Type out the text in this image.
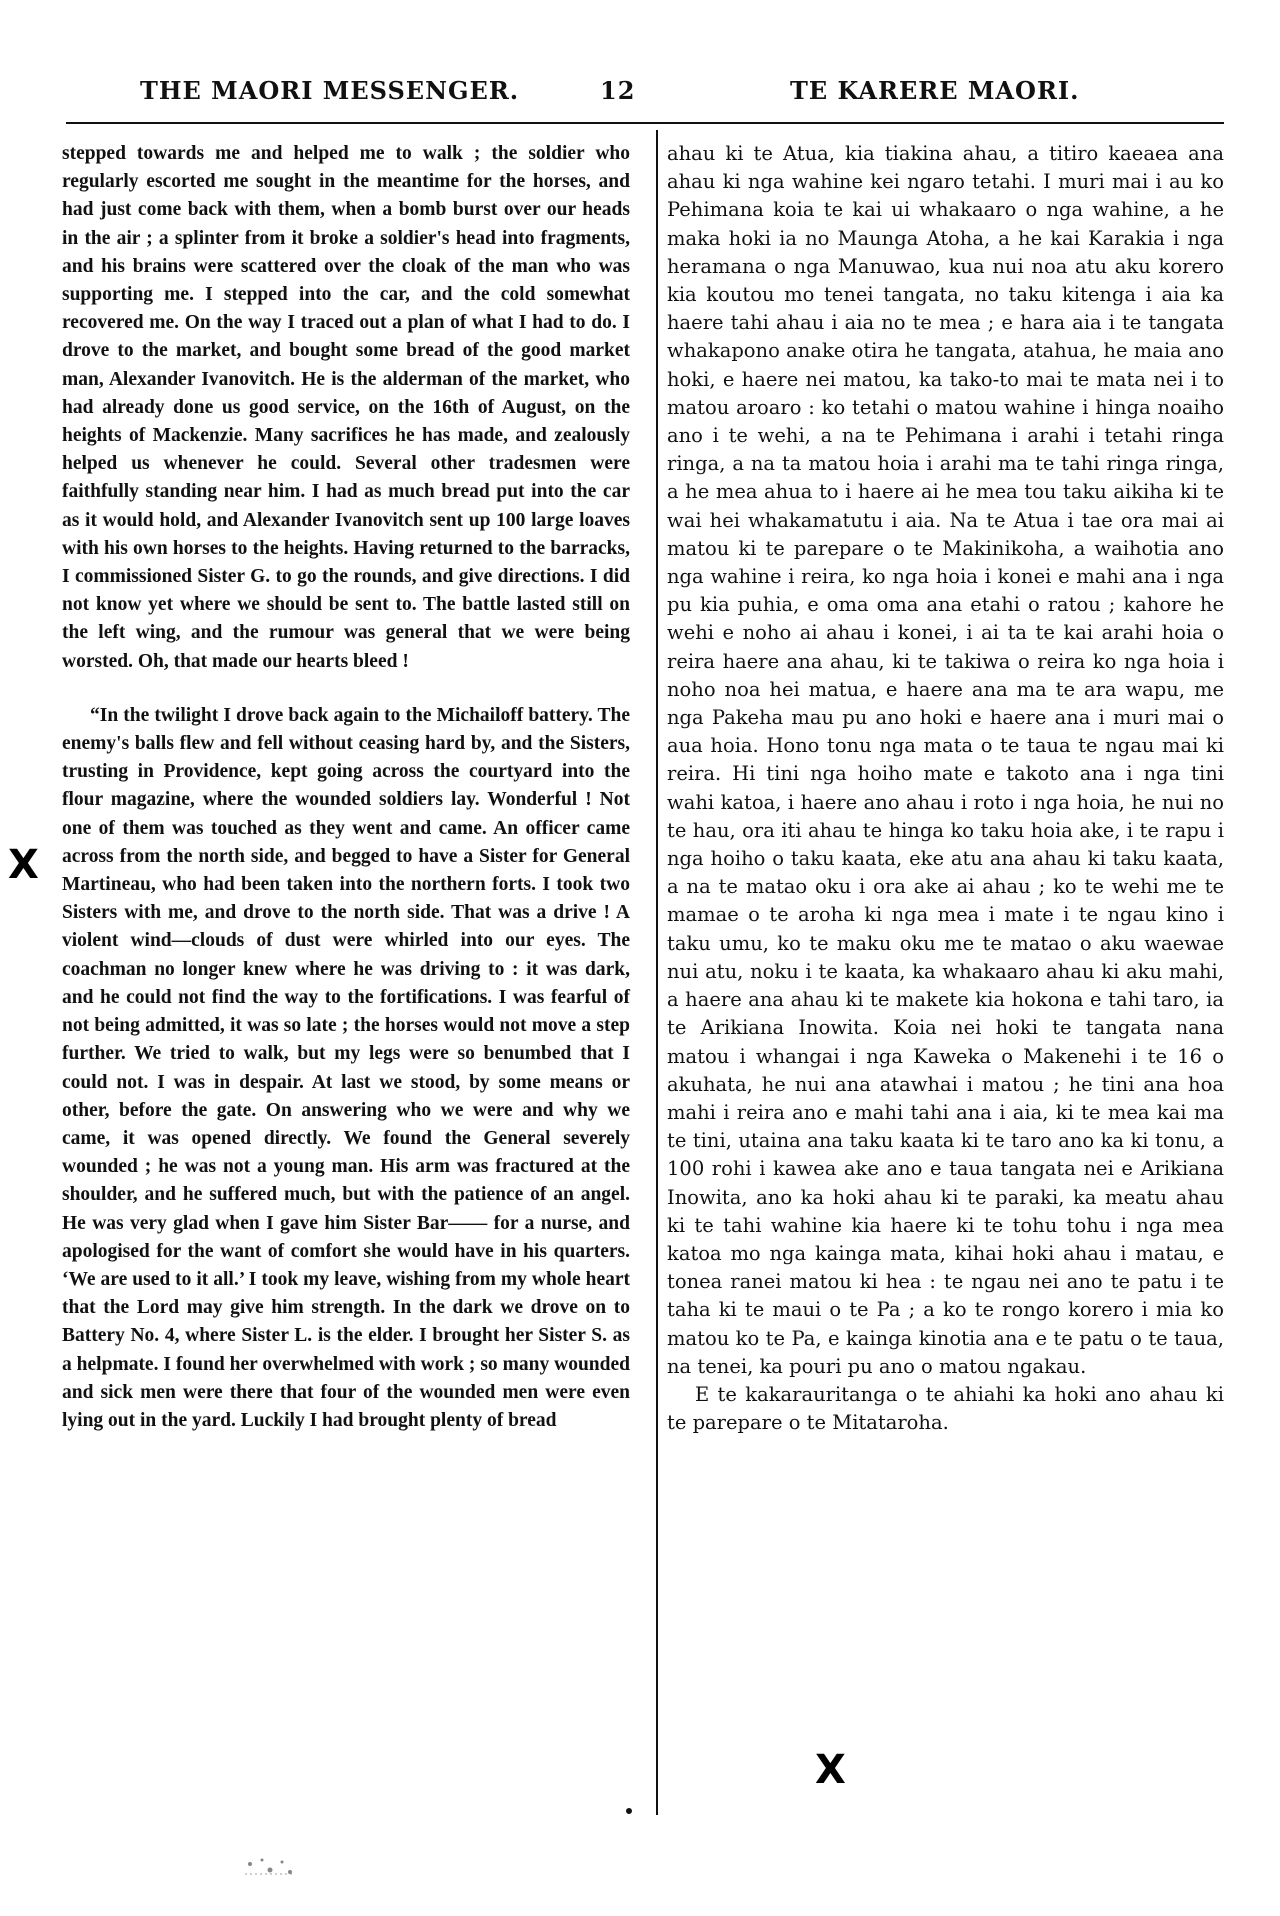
THE MAORI MESSENGER.	12	TE KARERE MAORI.

stepped towards me and helped me to walk ; the soldier who regularly escorted me sought in the meantime for the horses, and had just come back with them, when a bomb burst over our heads in the air ; a splinter from it broke a soldier's head into fragments, and his brains were scattered over the cloak of the man who was supporting me. I stepped into the car, and the cold somewhat recovered me. On the way I traced out a plan of what I had to do. I drove to the market, and bought some bread of the good market man, Alexander Ivanovitch. He is the alderman of the market, who had already done us good service, on the 16th of August, on the heights of Mackenzie. Many sacrifices he has made, and zealously helped us whenever he could. Several other tradesmen were faithfully standing near him. I had as much bread put into the car as it would hold, and Alexander Ivanovitch sent up 100 large loaves with his own horses to the heights. Having returned to the barracks, I commissioned Sister G. to go the rounds, and give directions. I did not know yet where we should be sent to. The battle lasted still on the left wing, and the rumour was general that we were being worsted. Oh, that made our hearts bleed !

“In the twilight I drove back again to the Michailoff battery. The enemy's balls flew and fell without ceasing hard by, and the Sisters, trusting in Providence, kept going across the courtyard into the flour magazine, where the wounded soldiers lay. Wonderful ! Not one of them was touched as they went and came. An officer came across from the north side, and begged to have a Sister for General Martineau, who had been taken into the northern forts. I took two Sisters with me, and drove to the north side. That was a drive ! A violent wind—clouds of dust were whirled into our eyes. The coachman no longer knew where he was driving to : it was dark, and he could not find the way to the fortifications. I was fearful of not being admitted, it was so late ; the horses would not move a step further. We tried to walk, but my legs were so benumbed that I could not. I was in despair. At last we stood, by some means or other, before the gate. On answering who we were and why we came, it was opened directly. We found the General severely wounded ; he was not a young man. His arm was fractured at the shoulder, and he suffered much, but with the patience of an angel. He was very glad when I gave him Sister Bar—— for a nurse, and apologised for the want of comfort she would have in his quarters. ‘We are used to it all.’ I took my leave, wishing from my whole heart that the Lord may give him strength. In the dark we drove on to Battery No. 4, where Sister L. is the elder. I brought her Sister S. as a helpmate. I found her overwhelmed with work ; so many wounded and sick men were there that four of the wounded men were even lying out in the yard. Luckily I had brought plenty of bread

ahau ki te Atua, kia tiakina ahau, a titiro kaeaea ana ahau ki nga wahine kei ngaro tetahi. I muri mai i au ko Pehimana koia te kai ui whakaaro o nga wahine, a he maka hoki ia no Maunga Atoha, a he kai Karakia i nga heramana o nga Manuwao, kua nui noa atu aku korero kia koutou mo tenei tangata, no taku kitenga i aia ka haere tahi ahau i aia no te mea ; e hara aia i te tangata whakapono anake otira he tangata, atahua, he maia ano hoki, e haere nei matou, ka tako-to mai te mata nei i to matou aroaro : ko tetahi o matou wahine i hinga noaiho ano i te wehi, a na te Pehimana i arahi i tetahi ringa ringa, a na ta matou hoia i arahi ma te tahi ringa ringa, a he mea ahua to i haere ai he mea tou taku aikiha ki te wai hei whakamatutu i aia. Na te Atua i tae ora mai ai matou ki te parepare o te Makinikoha, a waihotia ano nga wahine i reira, ko nga hoia i konei e mahi ana i nga pu kia puhia, e oma oma ana etahi o ratou ; kahore he wehi e noho ai ahau i konei, i ai ta te kai arahi hoia o reira haere ana ahau, ki te takiwa o reira ko nga hoia i noho noa hei matua, e haere ana ma te ara wapu, me nga Pakeha mau pu ano hoki e haere ana i muri mai o aua hoia. Hono tonu nga mata o te taua te ngau mai ki reira. Hi tini nga hoiho mate e takoto ana i nga tini wahi katoa, i haere ano ahau i roto i nga hoia, he nui no te hau, ora iti ahau te hinga ko taku hoia ake, i te rapu i nga hoiho o taku kaata, eke atu ana ahau ki taku kaata, a na te matao oku i ora ake ai ahau ; ko te wehi me te mamae o te aroha ki nga mea i mate i te ngau kino i taku umu, ko te maku oku me te matao o aku waewae nui atu, noku i te kaata, ka whakaaro ahau ki aku mahi, a haere ana ahau ki te makete kia hokona e tahi taro, ia te Arikiana Inowita. Koia nei hoki te tangata nana matou i whangai i nga Kaweka o Makenehi i te 16 o akuhata, he nui ana atawhai i matou ; he tini ana hoa mahi i reira ano e mahi tahi ana i aia, ki te mea kai ma te tini, utaina ana taku kaata ki te taro ano ka ki tonu, a 100 rohi i kawea ake ano e taua tangata nei e Arikiana Inowita, ano ka hoki ahau ki te paraki, ka meatu ahau ki te tahi wahine kia haere ki te tohu tohu i nga mea katoa mo nga kainga mata, kihai hoki ahau i matau, e tonea ranei matou ki hea : te ngau nei ano te patu i te taha ki te maui o te Pa ; a ko te rongo korero i mia ko matou ko te Pa, e kainga kinotia ana e te patu o te taua, na tenei, ka pouri pu ano o matou ngakau.

E te kakarauritanga o te ahiahi ka hoki ano ahau ki te parepare o te Mitataroha.

X
X
